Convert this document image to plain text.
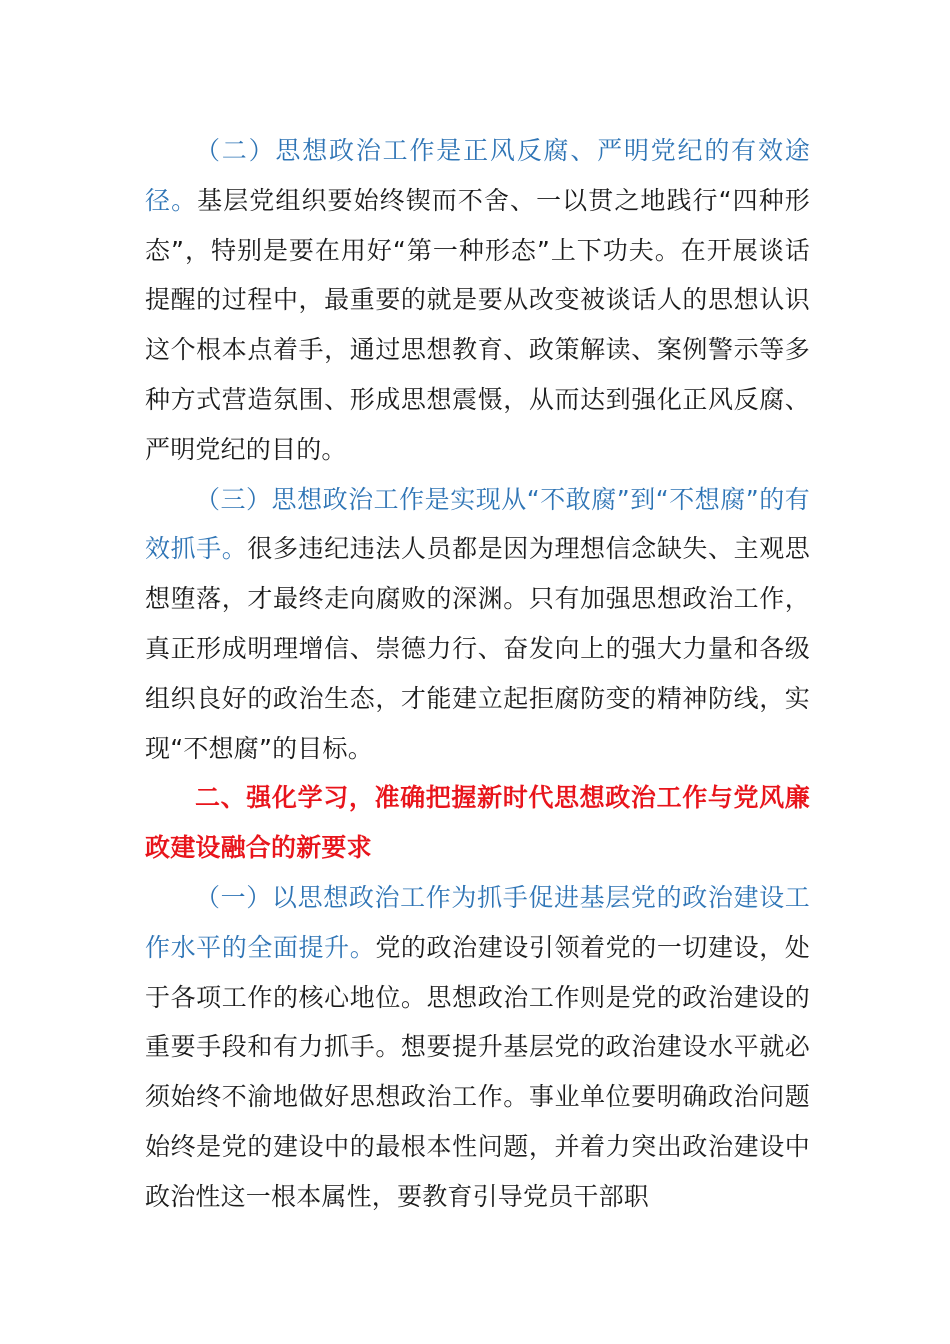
（二）思想政治工作是正风反腐、严明党纪的有效途径。基层党组织要始终锲而不舍、一以贯之地践行“四种形态”，特别是要在用好“第一种形态”上下功夫。在开展谈话提醒的过程中，最重要的就是要从改变被谈话人的思想认识这个根本点着手，通过思想教育、政策解读、案例警示等多种方式营造氛围、形成思想震慑，从而达到强化正风反腐、严明党纪的目的。

（三）思想政治工作是实现从“不敢腐”到“不想腐”的有效抓手。很多违纪违法人员都是因为理想信念缺失、主观思想堕落，才最终走向腐败的深渊。只有加强思想政治工作，真正形成明理增信、崇德力行、奋发向上的强大力量和各级组织良好的政治生态，才能建立起拒腐防变的精神防线，实现“不想腐”的目标。

二、强化学习，准确把握新时代思想政治工作与党风廉政建设融合的新要求

（一）以思想政治工作为抓手促进基层党的政治建设工作水平的全面提升。党的政治建设引领着党的一切建设，处于各项工作的核心地位。思想政治工作则是党的政治建设的重要手段和有力抓手。想要提升基层党的政治建设水平就必须始终不渝地做好思想政治工作。事业单位要明确政治问题始终是党的建设中的最根本性问题，并着力突出政治建设中政治性这一根本属性，要教育引导党员干部职
